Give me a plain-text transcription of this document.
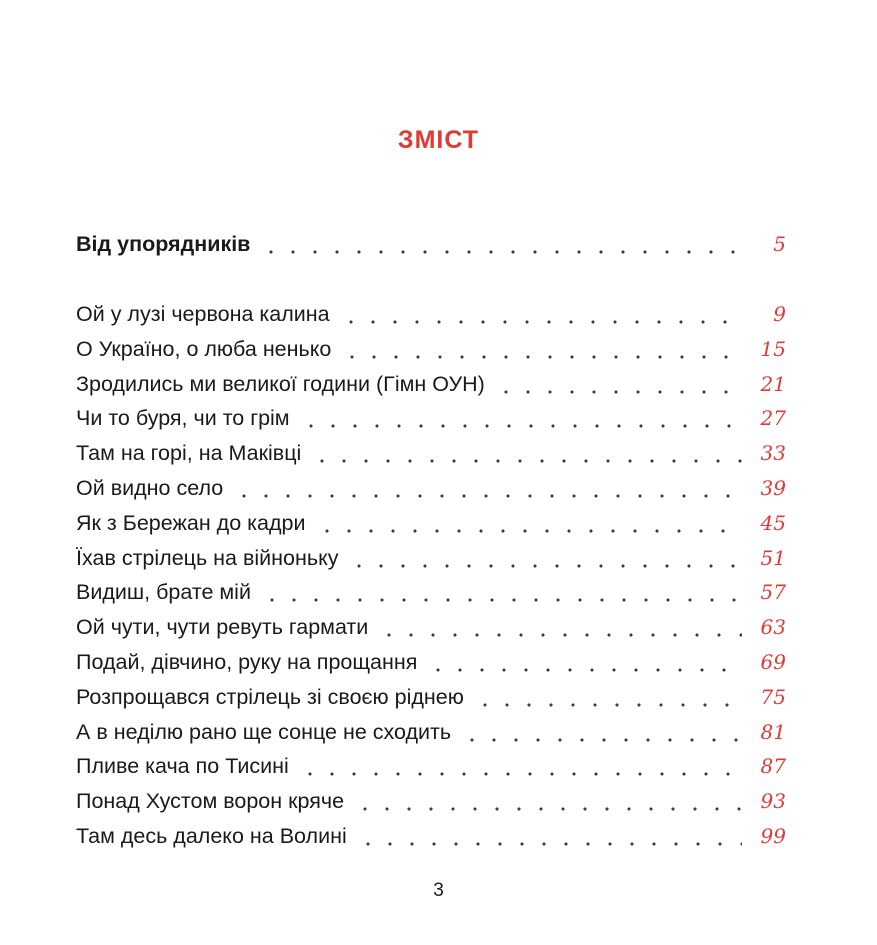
ЗМІСТ
Від упорядників	5
Ой у лузі червона калина	9
О Україно, о люба ненько	15
Зродились ми великої години (Гімн ОУН)	21
Чи то буря, чи то грім	27
Там на горі, на Маківці	33
Ой видно село	39
Як з Бережан до кадри	45
Їхав стрілець на війноньку	51
Видиш, брате мій	57
Ой чути, чути ревуть гармати	63
Подай, дівчино, руку на прощання	69
Розпрощався стрілець зі своєю ріднею	75
А в неділю рано ще сонце не сходить	81
Пливе кача по Тисині	87
Понад Хустом ворон кряче	93
Там десь далеко на Волині	99
3
